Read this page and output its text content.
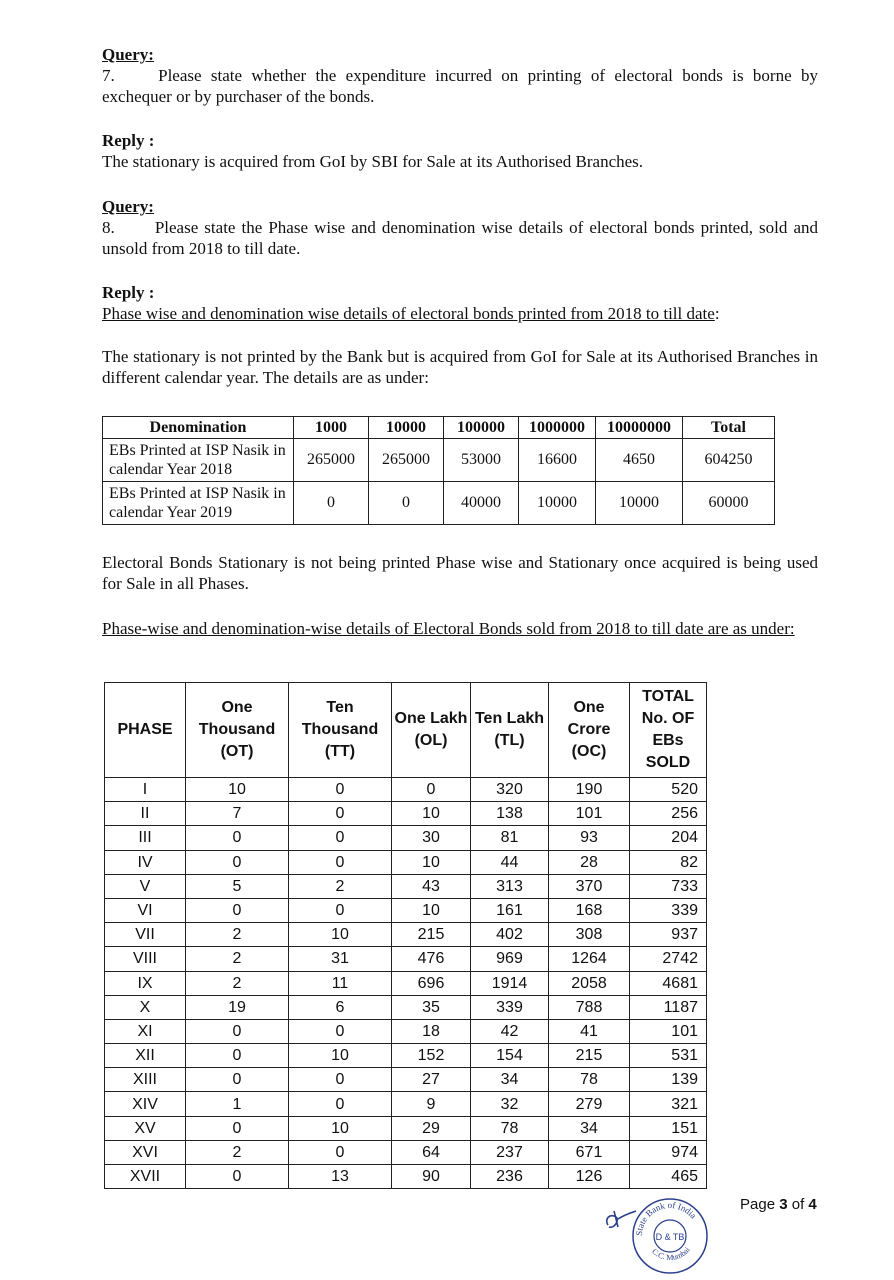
Query:
7.	Please state whether the expenditure incurred on printing of electoral bonds is borne by exchequer or by purchaser of the bonds.
Reply :
The stationary is acquired from GoI by SBI for Sale at its Authorised Branches.
Query:
8. Please state the Phase wise and denomination wise details of electoral bonds printed, sold and unsold from 2018 to till date.
Reply :
Phase wise and denomination wise details of electoral bonds printed from 2018 to till date:
The stationary is not printed by the Bank but is acquired from GoI for Sale at its Authorised Branches in different calendar year. The details are as under:
Denomination	1000	10000	100000	1000000	10000000	Total
EBs Printed at ISP Nasik in calendar Year 2018	265000	265000	53000	16600	4650	604250
EBs Printed at ISP Nasik in calendar Year 2019	0	0	40000	10000	10000	60000
Electoral Bonds Stationary is not being printed Phase wise and Stationary once acquired is being used for Sale in all Phases.
Phase-wise and denomination-wise details of Electoral Bonds sold from 2018 to till date are as under:
PHASE	One Thousand (OT)	Ten Thousand (TT)	One Lakh (OL)	Ten Lakh (TL)	One Crore (OC)	TOTAL No. OF EBs SOLD
I	10	0	0	320	190	520
II	7	0	10	138	101	256
III	0	0	30	81	93	204
IV	0	0	10	44	28	82
V	5	2	43	313	370	733
VI	0	0	10	161	168	339
VII	2	10	215	402	308	937
VIII	2	31	476	969	1264	2742
IX	2	11	696	1914	2058	4681
X	19	6	35	339	788	1187
XI	0	0	18	42	41	101
XII	0	10	152	154	215	531
XIII	0	0	27	34	78	139
XIV	1	0	9	32	279	321
XV	0	10	29	78	34	151
XVI	2	0	64	237	671	974
XVII	0	13	90	236	126	465
State Bank of India
D & TB
C.C. Mumbai
Page 3 of 4
